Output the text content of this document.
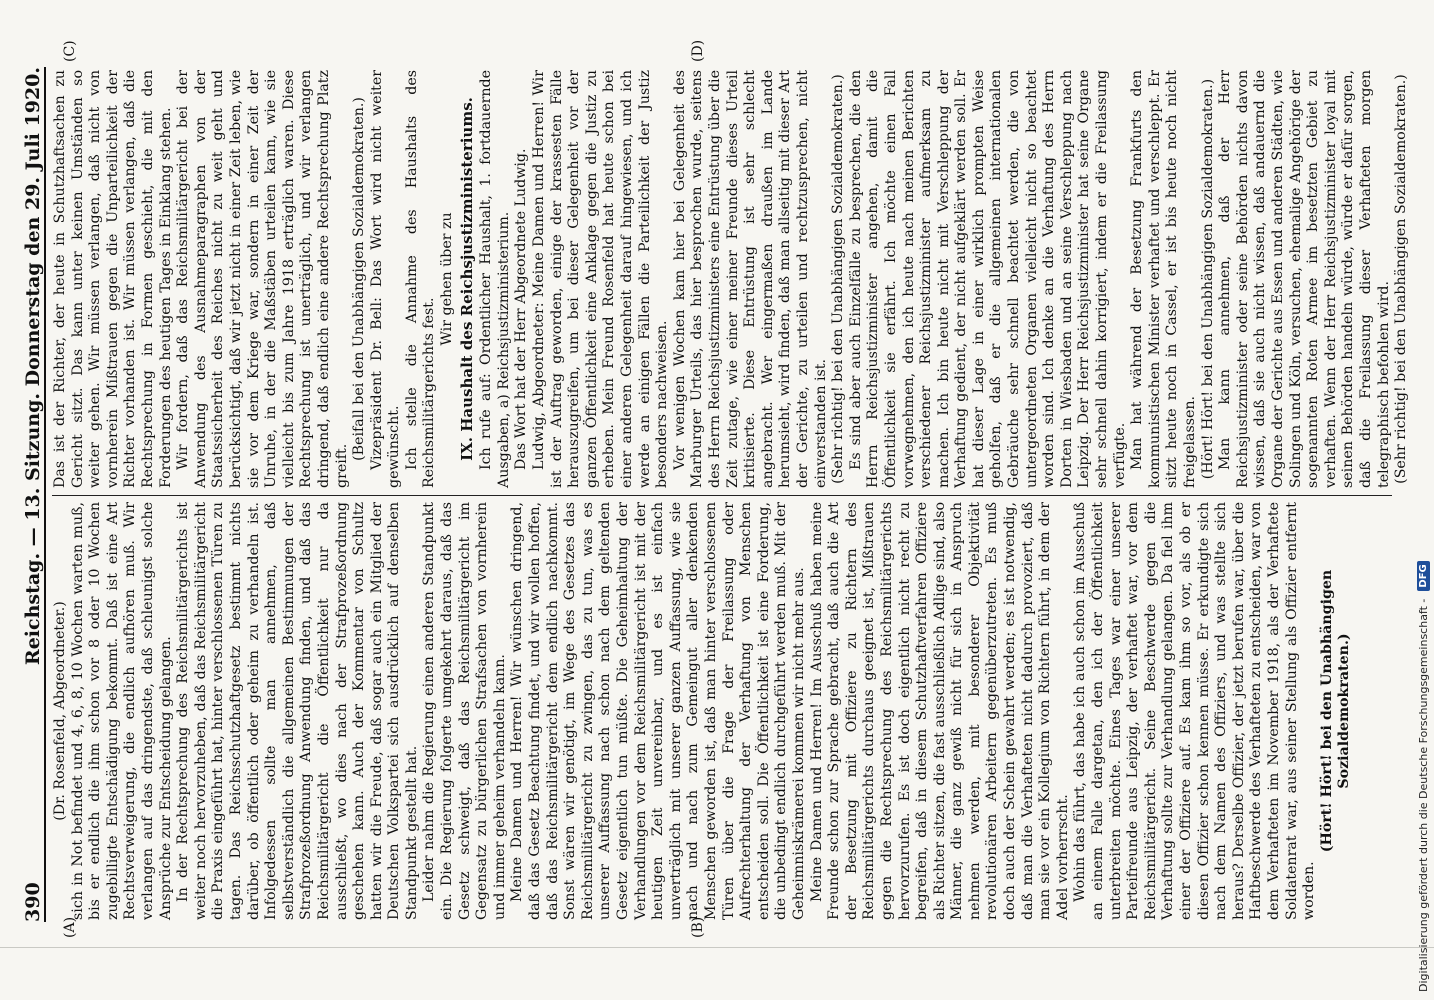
390
Reichstag. — 13. Sitzung. Donnerstag den 29. Juli 1920.
(A)	(B)
(C)	(D)

(Dr. Rosenfeld, Abgeordneter.) sich in Not befindet und 4, 6, 8, 10 Wochen warten muß, bis er endlich die ihm schon vor 8 oder 10 Wochen zugebilligte Entschädigung bekommt. Daß ist eine Art Rechtsverweigerung, die endlich aufhören muß. Wir verlangen auf das dringendste, daß schleunigst solche Ansprüche zur Entscheidung gelangen. In der Rechtsprechung des Reichsmilitärgerichts ist weiter noch hervorzuheben, daß das Reichsmilitärgericht die Praxis eingeführt hat, hinter verschlossenen Türen zu tagen. Das Reichsschutzhaftgesetz bestimmt nichts darüber, ob öffentlich oder geheim zu verhandeln ist. Infolgedessen sollte man annehmen, daß selbstverständlich die allgemeinen Bestimmungen der Strafprozeßordnung Anwendung finden, und daß das Reichsmilitärgericht die Öffentlichkeit nur da ausschließt, wo dies nach der Strafprozeßordnung geschehen kann. Auch der Kommentar von Schultz hatten wir die Freude, daß sogar auch ein Mitglied der Deutschen Volkspartei sich ausdrücklich auf denselben Standpunkt gestellt hat. Leider nahm die Regierung einen anderen Standpunkt ein. Die Regierung folgerte umgekehrt daraus, daß das Gesetz schweigt, daß das Reichsmilitärgericht im Gegensatz zu bürgerlichen Strafsachen von vornherein und immer geheim verhandeln kann. Meine Damen und Herren! Wir wünschen dringend, daß das Gesetz Beachtung findet, und wir wollen hoffen, daß das Reichsmilitärgericht dem endlich nachkommt. Sonst wären wir genötigt, im Wege des Gesetzes das Reichsmilitärgericht zu zwingen, das zu tun, was es unserer Auffassung nach schon nach dem geltenden Gesetz eigentlich tun müßte. Die Geheimhaltung der Verhandlungen vor dem Reichsmilitärgericht ist mit der heutigen Zeit unvereinbar, und es ist einfach unverträglich mit unserer ganzen Auffassung, wie sie nach und nach zum Gemeingut aller denkenden Menschen geworden ist, daß man hinter verschlossenen Türen über die Frage der Freilassung oder Aufrechterhaltung der Verhaftung von Menschen entscheiden soll. Die Öffentlichkeit ist eine Forderung, die unbedingt endlich durchgeführt werden muß. Mit der Geheimniskrämerei kommen wir nicht mehr aus. Meine Damen und Herren! Im Ausschuß haben meine Freunde schon zur Sprache gebracht, daß auch die Art der Besetzung mit Offiziere zu Richtern des Reichsmilitärgerichts durchaus geeignet ist, Mißtrauen gegen die Rechtsprechung des Reichsmilitärgerichts hervorzurufen. Es ist doch eigentlich nicht recht zu begreifen, daß in diesem Schutzhaftverfahren Offiziere als Richter sitzen, die fast ausschließlich Adlige sind, also Männer, die ganz gewiß nicht für sich in Anspruch nehmen werden, mit besonderer Objektivität revolutionären Arbeitern gegenüberzutreten. Es muß doch auch der Schein gewahrt werden; es ist notwendig, daß man die Verhafteten nicht dadurch provoziert, daß man sie vor ein Kollegium von Richtern führt, in dem der Adel vorherrscht. Wohin das führt, das habe ich auch schon im Ausschuß an einem Falle dargetan, den ich der Öffentlichkeit unterbreiten möchte. Eines Tages war einer unserer Parteifreunde aus Leipzig, der verhaftet war, vor dem Reichsmilitärgericht. Seine Beschwerde gegen die Verhaftung sollte zur Verhandlung gelangen. Da fiel ihm einer der Offiziere auf. Es kam ihm so vor, als ob er diesen Offizier schon kennen müsse. Er erkundigte sich nach dem Namen des Offiziers, und was stellte sich heraus? Derselbe Offizier, der jetzt berufen war, über die Haftbeschwerde des Verhafteten zu entscheiden, war von dem Verhafteten im November 1918, als der Verhaftete Soldatenrat war, aus seiner Stellung als Offizier entfernt worden.

(Hört! Hört! bei den Unabhängigen Sozialdemokraten.)

Das ist der Richter, der heute in Schutzhaftsachen zu Gericht sitzt. Das kann unter keinen Umständen so weiter gehen. Wir müssen verlangen, daß nicht von vornherein Mißtrauen gegen die Unparteilichkeit der Richter vorhanden ist. Wir müssen verlangen, daß die Rechtsprechung in Formen geschieht, die mit den Forderungen des heutigen Tages in Einklang stehen. Wir fordern, daß das Reichsmilitärgericht bei der Anwendung des Ausnahmeparagraphen von der Staatssicherheit des Reiches nicht zu weit geht und berücksichtigt, daß wir jetzt nicht in einer Zeit leben, wie sie vor dem Kriege war, sondern in einer Zeit der Unruhe, in der die Maßstäben urteilen kann, wie sie vielleicht bis zum Jahre 1918 erträglich waren. Diese Rechtsprechung ist unerträglich, und wir verlangen dringend, daß endlich eine andere Rechtsprechung Platz greift.

(Beifall bei den Unabhängigen Sozialdemokraten.) Vizepräsident Dr. Bell: Das Wort wird nicht weiter gewünscht. Ich stelle die Annahme des Haushalts des Reichsmilitärgerichts fest.

Wir gehen über zu IX. Haushalt des Reichsjustizministeriums. Ich rufe auf: Ordentlicher Haushalt, 1. fortdauernde Ausgaben, a) Reichsjustizministerium. Das Wort hat der Herr Abgeordnete Ludwig. Ludwig, Abgeordneter: Meine Damen und Herren! Wir ist der Auftrag geworden, einige der krassesten Fälle herauszugreifen, um bei dieser Gelegenheit vor der ganzen Öffentlichkeit eine Anklage gegen die Justiz zu erheben. Mein Freund Rosenfeld hat heute schon bei einer anderen Gelegenheit darauf hingewiesen, und ich werde an einigen Fällen die Parteilichkeit der Justiz besonders nachweisen. Vor wenigen Wochen kam hier bei Gelegenheit des Marburger Urteils, das hier besprochen wurde, seitens des Herrn Reichsjustizministers eine Entrüstung über die Zeit zutage, wie einer meiner Freunde dieses Urteil kritisierte. Diese Entrüstung ist sehr schlecht angebracht. Wer eingermaßen draußen im Lande herumsieht, wird finden, daß man allseitig mit dieser Art der Gerichte, zu urteilen und rechtzusprechen, nicht einverstanden ist. (Sehr richtig! bei den Unabhängigen Sozialdemokraten.) Es sind aber auch Einzelfälle zu besprechen, die den Herrn Reichsjustizminister angehen, damit die Öffentlichkeit sie erfährt. Ich möchte einen Fall vorwegnehmen, den ich heute nach meinen Berichten verschiedener Reichsjustizminister aufmerksam zu machen. Ich bin heute nicht mit Verschleppung der Verhaftung gedient, der nicht aufgeklärt werden soll. Er hat dieser Lage in einer wirklich prompten Weise geholfen, daß er die allgemeinen internationalen Gebräuche sehr schnell beachtet werden, die von untergeordneten Organen vielleicht nicht so beachtet worden sind. Ich denke an die Verhaftung des Herrn Dorten in Wiesbaden und an seine Verschleppung nach Leipzig. Der Herr Reichsjustizminister hat seine Organe sehr schnell dahin korrigiert, indem er die Freilassung verfügte. Man hat während der Besetzung Frankfurts den kommunistischen Minister verhaftet und verschleppt. Er sitzt heute noch in Cassel, er ist bis heute noch nicht freigelassen. (Hört! Hört! bei den Unabhängigen Sozialdemokraten.) Man kann annehmen, daß der Herr Reichsjustizminister oder seine Behörden nichts davon wissen, daß sie auch nicht wissen, daß andauernd die Organe der Gerichte aus Essen und anderen Städten, wie Solingen und Köln, versuchen, ehemalige Angehörige der sogenannten Roten Armee im besetzten Gebiet zu verhaften. Wenn der Herr Reichsjustizminister loyal mit seinen Behörden handeln würde, würde er dafür sorgen, daß die Freilassung dieser Verhafteten morgen telegraphisch befohlen wird. (Sehr richtig! bei den Unabhängigen Sozialdemokraten.)

Digitalisierung gefördert durch die Deutsche Forschungsgemeinschaft -
DFG
